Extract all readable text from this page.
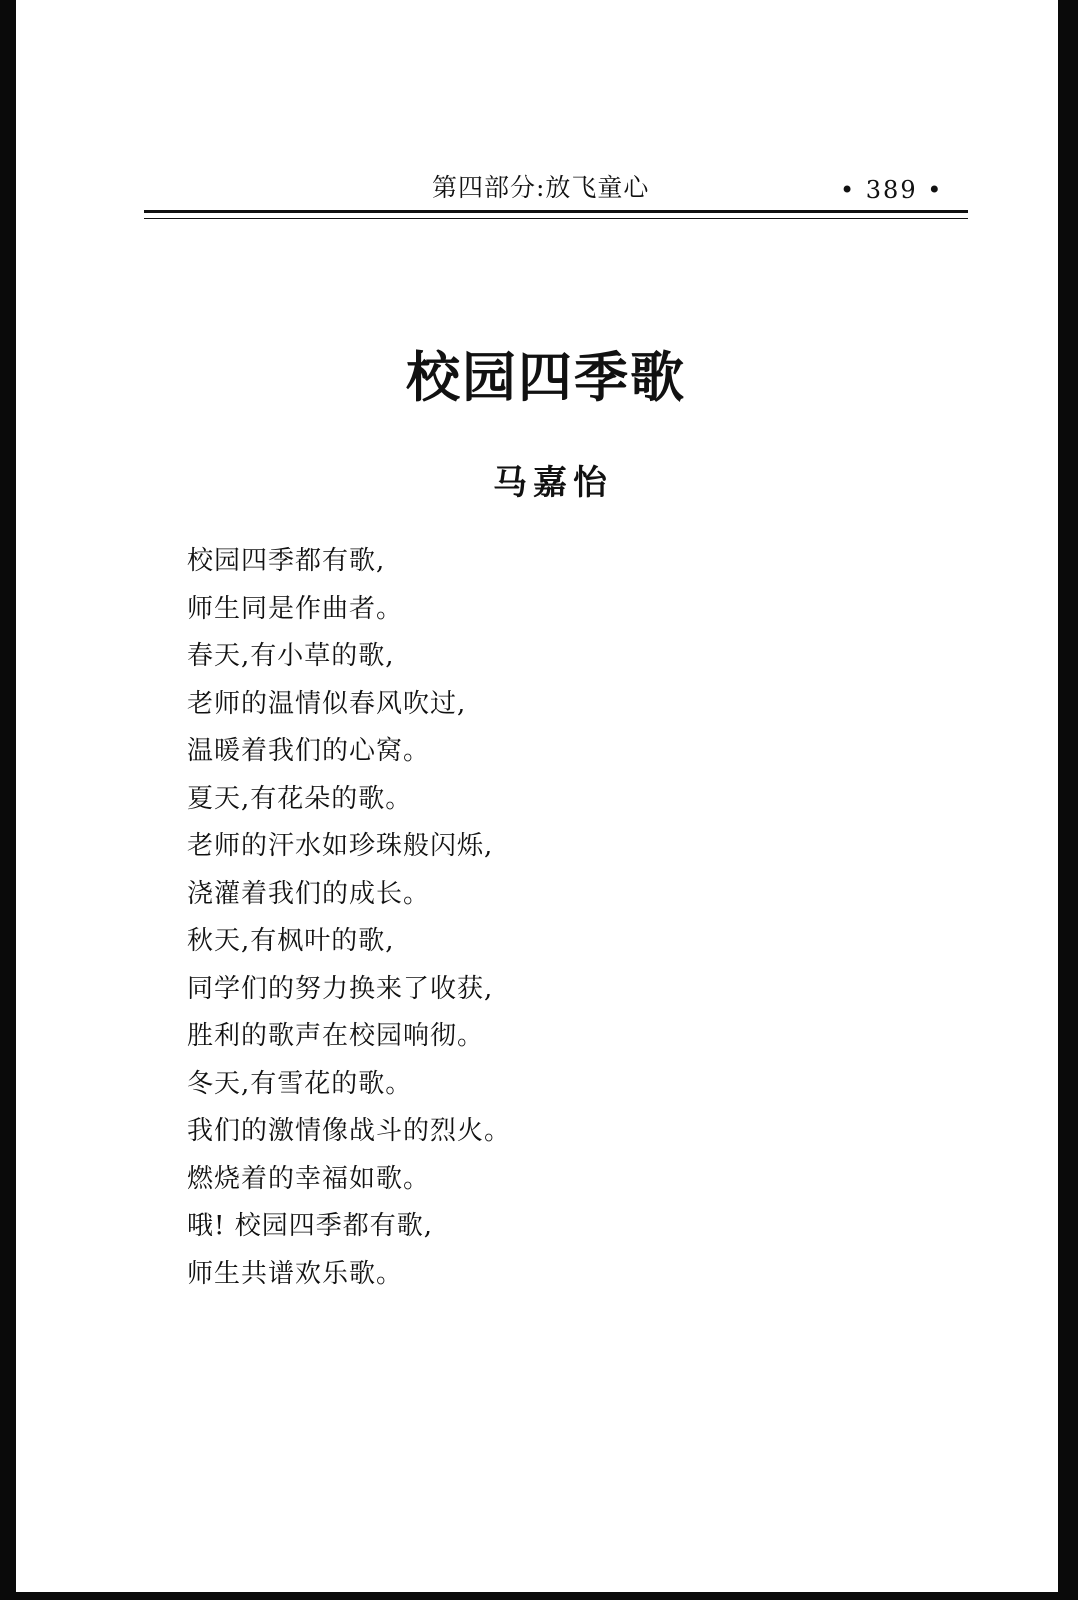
第四部分:放飞童心	• 389 •
校园四季歌
马嘉怡
校园四季都有歌,
师生同是作曲者。
春天,有小草的歌,
老师的温情似春风吹过,
温暖着我们的心窝。
夏天,有花朵的歌。
老师的汗水如珍珠般闪烁,
浇灌着我们的成长。
秋天,有枫叶的歌,
同学们的努力换来了收获,
胜利的歌声在校园响彻。
冬天,有雪花的歌。
我们的激情像战斗的烈火。
燃烧着的幸福如歌。
哦! 校园四季都有歌,
师生共谱欢乐歌。
